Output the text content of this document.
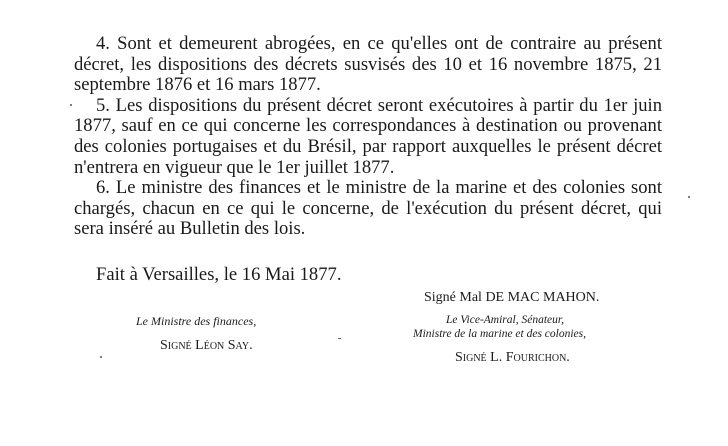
4. Sont et demeurent abrogées, en ce qu'elles ont de contraire au présent décret, les dispositions des décrets susvisés des 10 et 16 novembre 1875, 21 septembre 1876 et 16 mars 1877.

5. Les dispositions du présent décret seront exécutoires à partir du 1er juin 1877, sauf en ce qui concerne les correspondances à destination ou provenant des colonies portugaises et du Brésil, par rapport auxquelles le présent décret n'entrera en vigueur que le 1er juillet 1877.

6. Le ministre des finances et le ministre de la marine et des colonies sont chargés, chacun en ce qui le concerne, de l'exécution du présent décret, qui sera inséré au Bulletin des lois.

Fait à Versailles, le 16 Mai 1877.
Signé Mal DE MAC MAHON.
Le Ministre des finances,
Signé Léon Say.
Le Vice-Amiral, Sénateur,
Ministre de la marine et des colonies,
Signé L. Fourichon.
